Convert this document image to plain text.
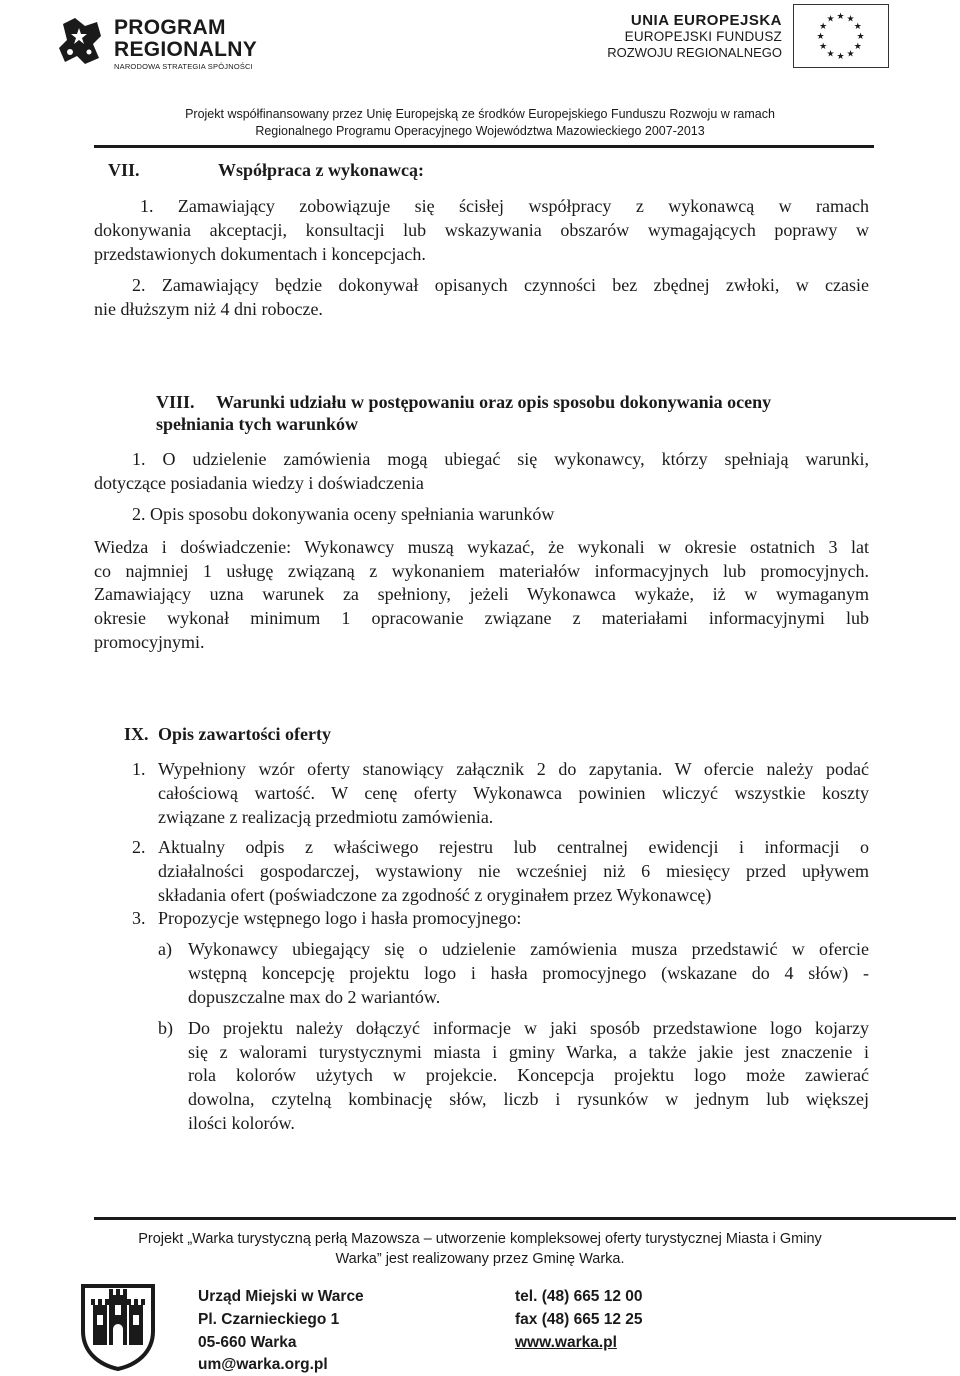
PROGRAM
REGIONALNY
NARODOWA STRATEGIA SPÓJNOŚCI
UNIA EUROPEJSKA
EUROPEJSKI FUNDUSZ
ROZWOJU REGIONALNEGO
★ ★
★
★
★
★
★
★
★
★
★
★
Projekt współfinansowany przez Unię Europejską ze środków Europejskiego Funduszu Rozwoju w ramach
Regionalnego Programu Operacyjnego Województwa Mazowieckiego 2007-2013
VII.	Współpraca z wykonawcą:
1. Zamawiający zobowiązuje się ścisłej współpracy z wykonawcą w ramach
dokonywania akceptacji, konsultacji lub wskazywania obszarów wymagających poprawy w
przedstawionych dokumentach i koncepcjach.
2. Zamawiający będzie dokonywał opisanych czynności bez zbędnej zwłoki, w czasie
nie dłuższym niż 4 dni robocze.
VIII. Warunki udziału w postępowaniu oraz opis sposobu dokonywania oceny
spełniania tych warunków
1. O udzielenie zamówienia mogą ubiegać się wykonawcy, którzy spełniają warunki,
dotyczące posiadania wiedzy i doświadczenia
2. Opis sposobu dokonywania oceny spełniania warunków
Wiedza i doświadczenie: Wykonawcy muszą wykazać, że wykonali w okresie ostatnich 3 lat
co najmniej 1 usługę związaną z wykonaniem materiałów informacyjnych lub promocyjnych.
Zamawiający uzna warunek za spełniony, jeżeli Wykonawca wykaże, iż w wymaganym
okresie wykonał minimum 1 opracowanie związane z materiałami informacyjnymi lub
promocyjnymi.
IX. Opis zawartości oferty
1. Wypełniony wzór oferty stanowiący załącznik 2 do zapytania. W ofercie należy podać
całościową wartość. W cenę oferty Wykonawca powinien wliczyć wszystkie koszty
związane z realizacją przedmiotu zamówienia.
2. Aktualny odpis z właściwego rejestru lub centralnej ewidencji i informacji o
działalności gospodarczej, wystawiony nie wcześniej niż 6 miesięcy przed upływem
składania ofert (poświadczone za zgodność z oryginałem przez Wykonawcę)
3. Propozycje wstępnego logo i hasła promocyjnego:
a) Wykonawcy ubiegający się o udzielenie zamówienia musza przedstawić w ofercie
wstępną koncepcję projektu logo i hasła promocyjnego (wskazane do 4 słów) -
dopuszczalne max do 2 wariantów.
b) Do projektu należy dołączyć informacje w jaki sposób przedstawione logo kojarzy
się z walorami turystycznymi miasta i gminy Warka, a także jakie jest znaczenie i
rola kolorów użytych w projekcie. Koncepcja projektu logo może zawierać
dowolna, czytelną kombinację słów, liczb i rysunków w jednym lub większej
ilości kolorów.
Projekt „Warka turystyczną perłą Mazowsza – utworzenie kompleksowej oferty turystycznej Miasta i Gminy
Warka” jest realizowany przez Gminę Warka.
Urząd Miejski w Warce
Pl. Czarnieckiego 1
05-660 Warka
um@warka.org.pl
tel. (48) 665 12 00
fax (48) 665 12 25
www.warka.pl
